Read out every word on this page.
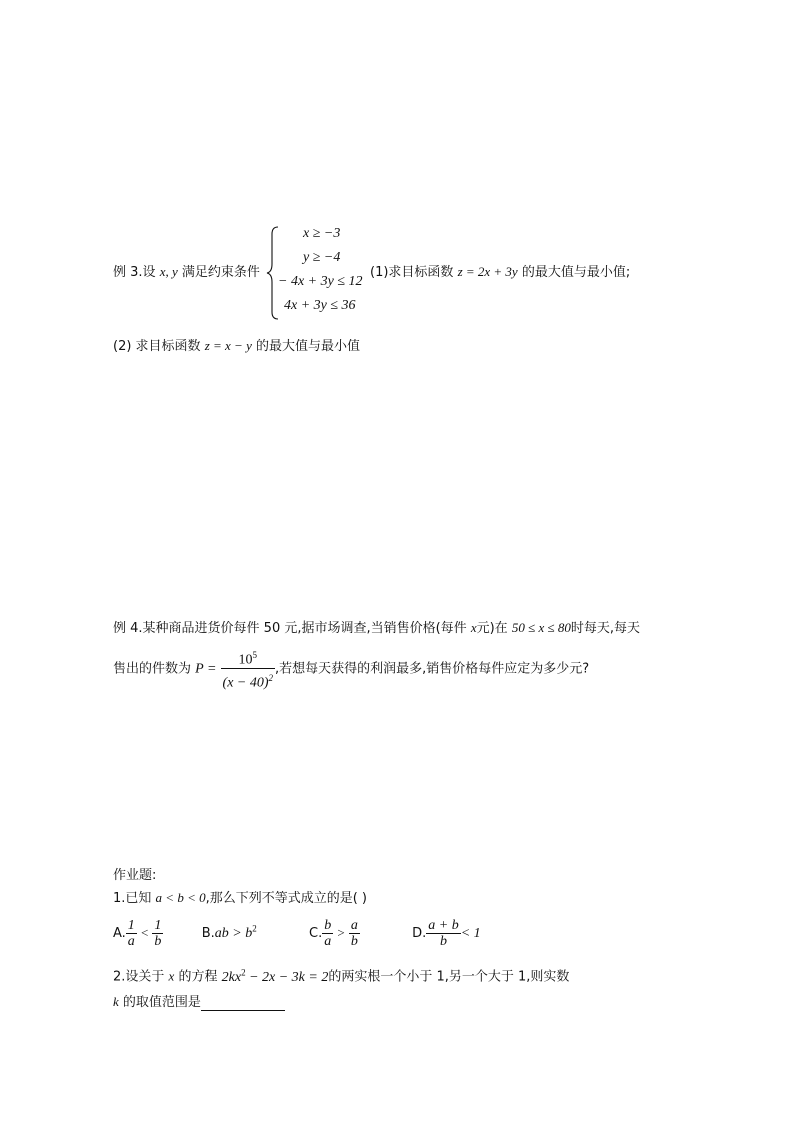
例 3.设 x, y 满足约束条件
x ≥ −3
y ≥ −4
− 4x + 3y ≤ 12
4x + 3y ≤ 36
(1)求目标函数 z = 2x + 3y 的最大值与最小值;
(2) 求目标函数 z = x − y 的最大值与最小值
例 4.某种商品进货价每件 50 元,据市场调查,当销售价格(每件 x元)在 50 ≤ x ≤ 80时每天,每天
售出的件数为 $P = \frac{10^5}{(x - 40)^2}$ ,若想每天获得的利润最多,销售价格每件应定为多少元?
作业题:
1.已知 a < b < 0,那么下列不等式成立的是( )
A. $\frac{1}{a} < \frac{1}{b}$	$B.ab > b^2$	C. $\frac{b}{a} > \frac{a}{b}$	D. $\frac{a + b}{b} < 1$
2.设关于 x 的方程 $2kx^2 - 2x - 3k = 2$的两实根一个小于 1,另一个大于 1,则实数
k 的取值范围是
